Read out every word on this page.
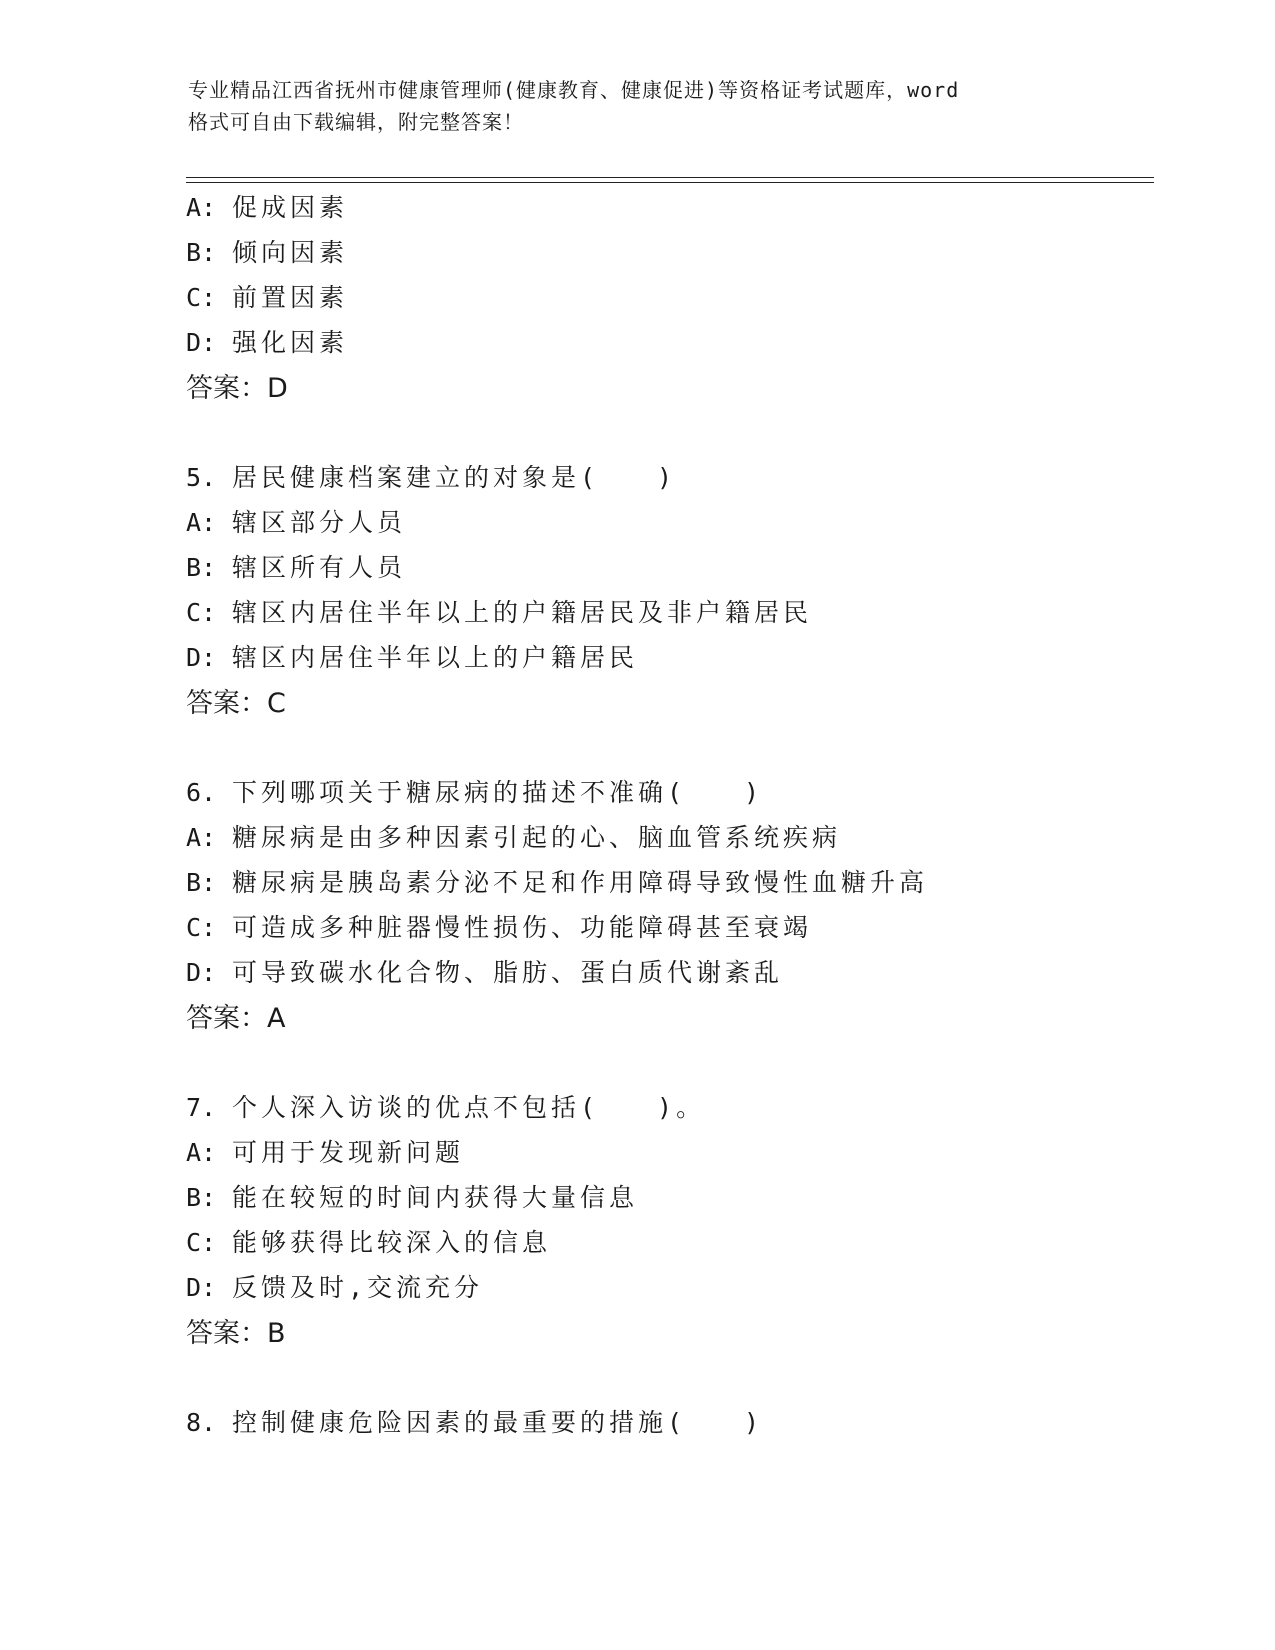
专业精品江西省抚州市健康管理师(健康教育、健康促进)等资格证考试题库，word
格式可自由下载编辑，附完整答案！
A: 促成因素
B: 倾向因素
C: 前置因素
D: 强化因素
答案：D
5. 居民健康档案建立的对象是(　　)
A: 辖区部分人员
B: 辖区所有人员
C: 辖区内居住半年以上的户籍居民及非户籍居民
D: 辖区内居住半年以上的户籍居民
答案：C
6. 下列哪项关于糖尿病的描述不准确(　　)
A: 糖尿病是由多种因素引起的心、脑血管系统疾病
B: 糖尿病是胰岛素分泌不足和作用障碍导致慢性血糖升高
C: 可造成多种脏器慢性损伤、功能障碍甚至衰竭
D: 可导致碳水化合物、脂肪、蛋白质代谢紊乱
答案：A
7. 个人深入访谈的优点不包括(　　)。
A: 可用于发现新问题
B: 能在较短的时间内获得大量信息
C: 能够获得比较深入的信息
D: 反馈及时,交流充分
答案：B
8. 控制健康危险因素的最重要的措施(　　)
